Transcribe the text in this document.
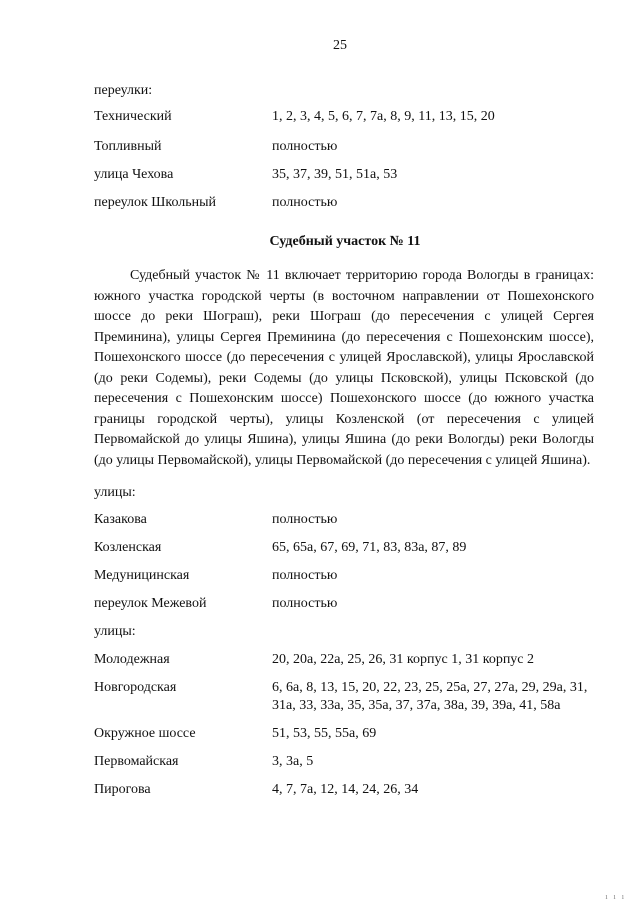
25
переулки:
Технический	1, 2, 3, 4, 5, 6, 7, 7а, 8, 9, 11, 13, 15, 20
Топливный	полностью
улица Чехова	35, 37, 39, 51, 51а, 53
переулок Школьный	полностью
Судебный участок № 11
Судебный участок № 11 включает территорию города Вологды в границах: южного участка городской черты (в восточном направлении от Пошехонского шоссе до реки Шограш), реки Шограш (до пересечения с улицей Сергея Преминина), улицы Сергея Преминина (до пересечения с Пошехонским шоссе), Пошехонского шоссе (до пересечения с улицей Ярославской), улицы Ярославской (до реки Содемы), реки Содемы (до улицы Псковской), улицы Псковской (до пересечения с Пошехонским шоссе) Пошехонского шоссе (до южного участка границы городской черты), улицы Козленской (от пересечения с улицей Первомайской до улицы Яшина), улицы Яшина (до реки Вологды) реки Вологды (до улицы Первомайской), улицы Первомайской (до пересечения с улицей Яшина).
улицы:
Казакова	полностью
Козленская	65, 65а, 67, 69, 71, 83, 83а, 87, 89
Медуницинская	полностью
переулок Межевой	полностью
улицы:
Молодежная	20, 20а, 22а, 25, 26, 31 корпус 1, 31 корпус 2
Новгородская	6, 6а, 8, 13, 15, 20, 22, 23, 25, 25а, 27, 27а, 29, 29а, 31, 31а, 33, 33а, 35, 35а, 37, 37а, 38а, 39, 39а, 41, 58а
Окружное шоссе	51, 53, 55, 55а, 69
Первомайская	3, 3а, 5
Пирогова	4, 7, 7а, 12, 14, 24, 26, 34
ı ı ı
